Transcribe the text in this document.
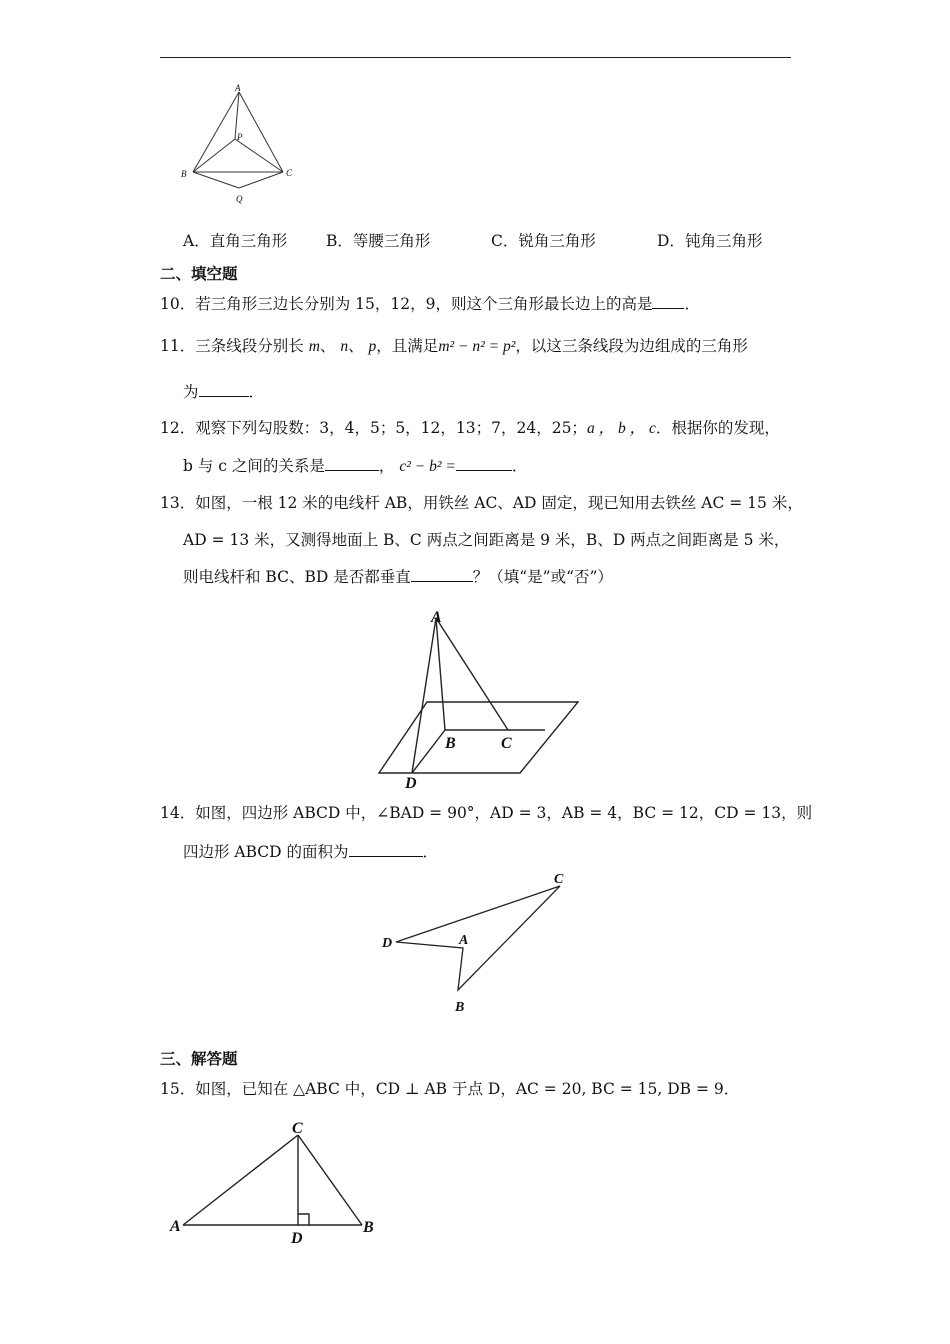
A
P
B	C
Q
A．直角三角形	B．等腰三角形	C．锐角三角形	D．钝角三角形
二、填空题
10．若三角形三边长分别为 15，12，9，则这个三角形最长边上的高是 ．
11．三条线段分别长 m、 n、 p，且满足m² − n² = p²，以这三条线段为边组成的三角形
为	．
12．观察下列勾股数：3，4，5；5，12，13；7，24，25；a ， b ， c．根据你的发现，
b 与 c 之间的关系是	， c² − b² =	．
13．如图，一根 12 米的电线杆 AB，用铁丝 AC、AD 固定，现已知用去铁丝 AC = 15 米，
AD = 13 米，又测得地面上 B、C 两点之间距离是 9 米，B、D 两点之间距离是 5 米，
则电线杆和 BC、BD 是否都垂直	？（填“是”或“否”）
A
B	C
D
14．如图，四边形 ABCD 中，∠BAD = 90°，AD = 3，AB = 4，BC = 12，CD = 13，则
四边形 ABCD 的面积为	．
C
D	A
B
三、解答题
15．如图，已知在 △ABC 中，CD ⊥ AB 于点 D，AC = 20, BC = 15, DB = 9．
C
A	B
D
